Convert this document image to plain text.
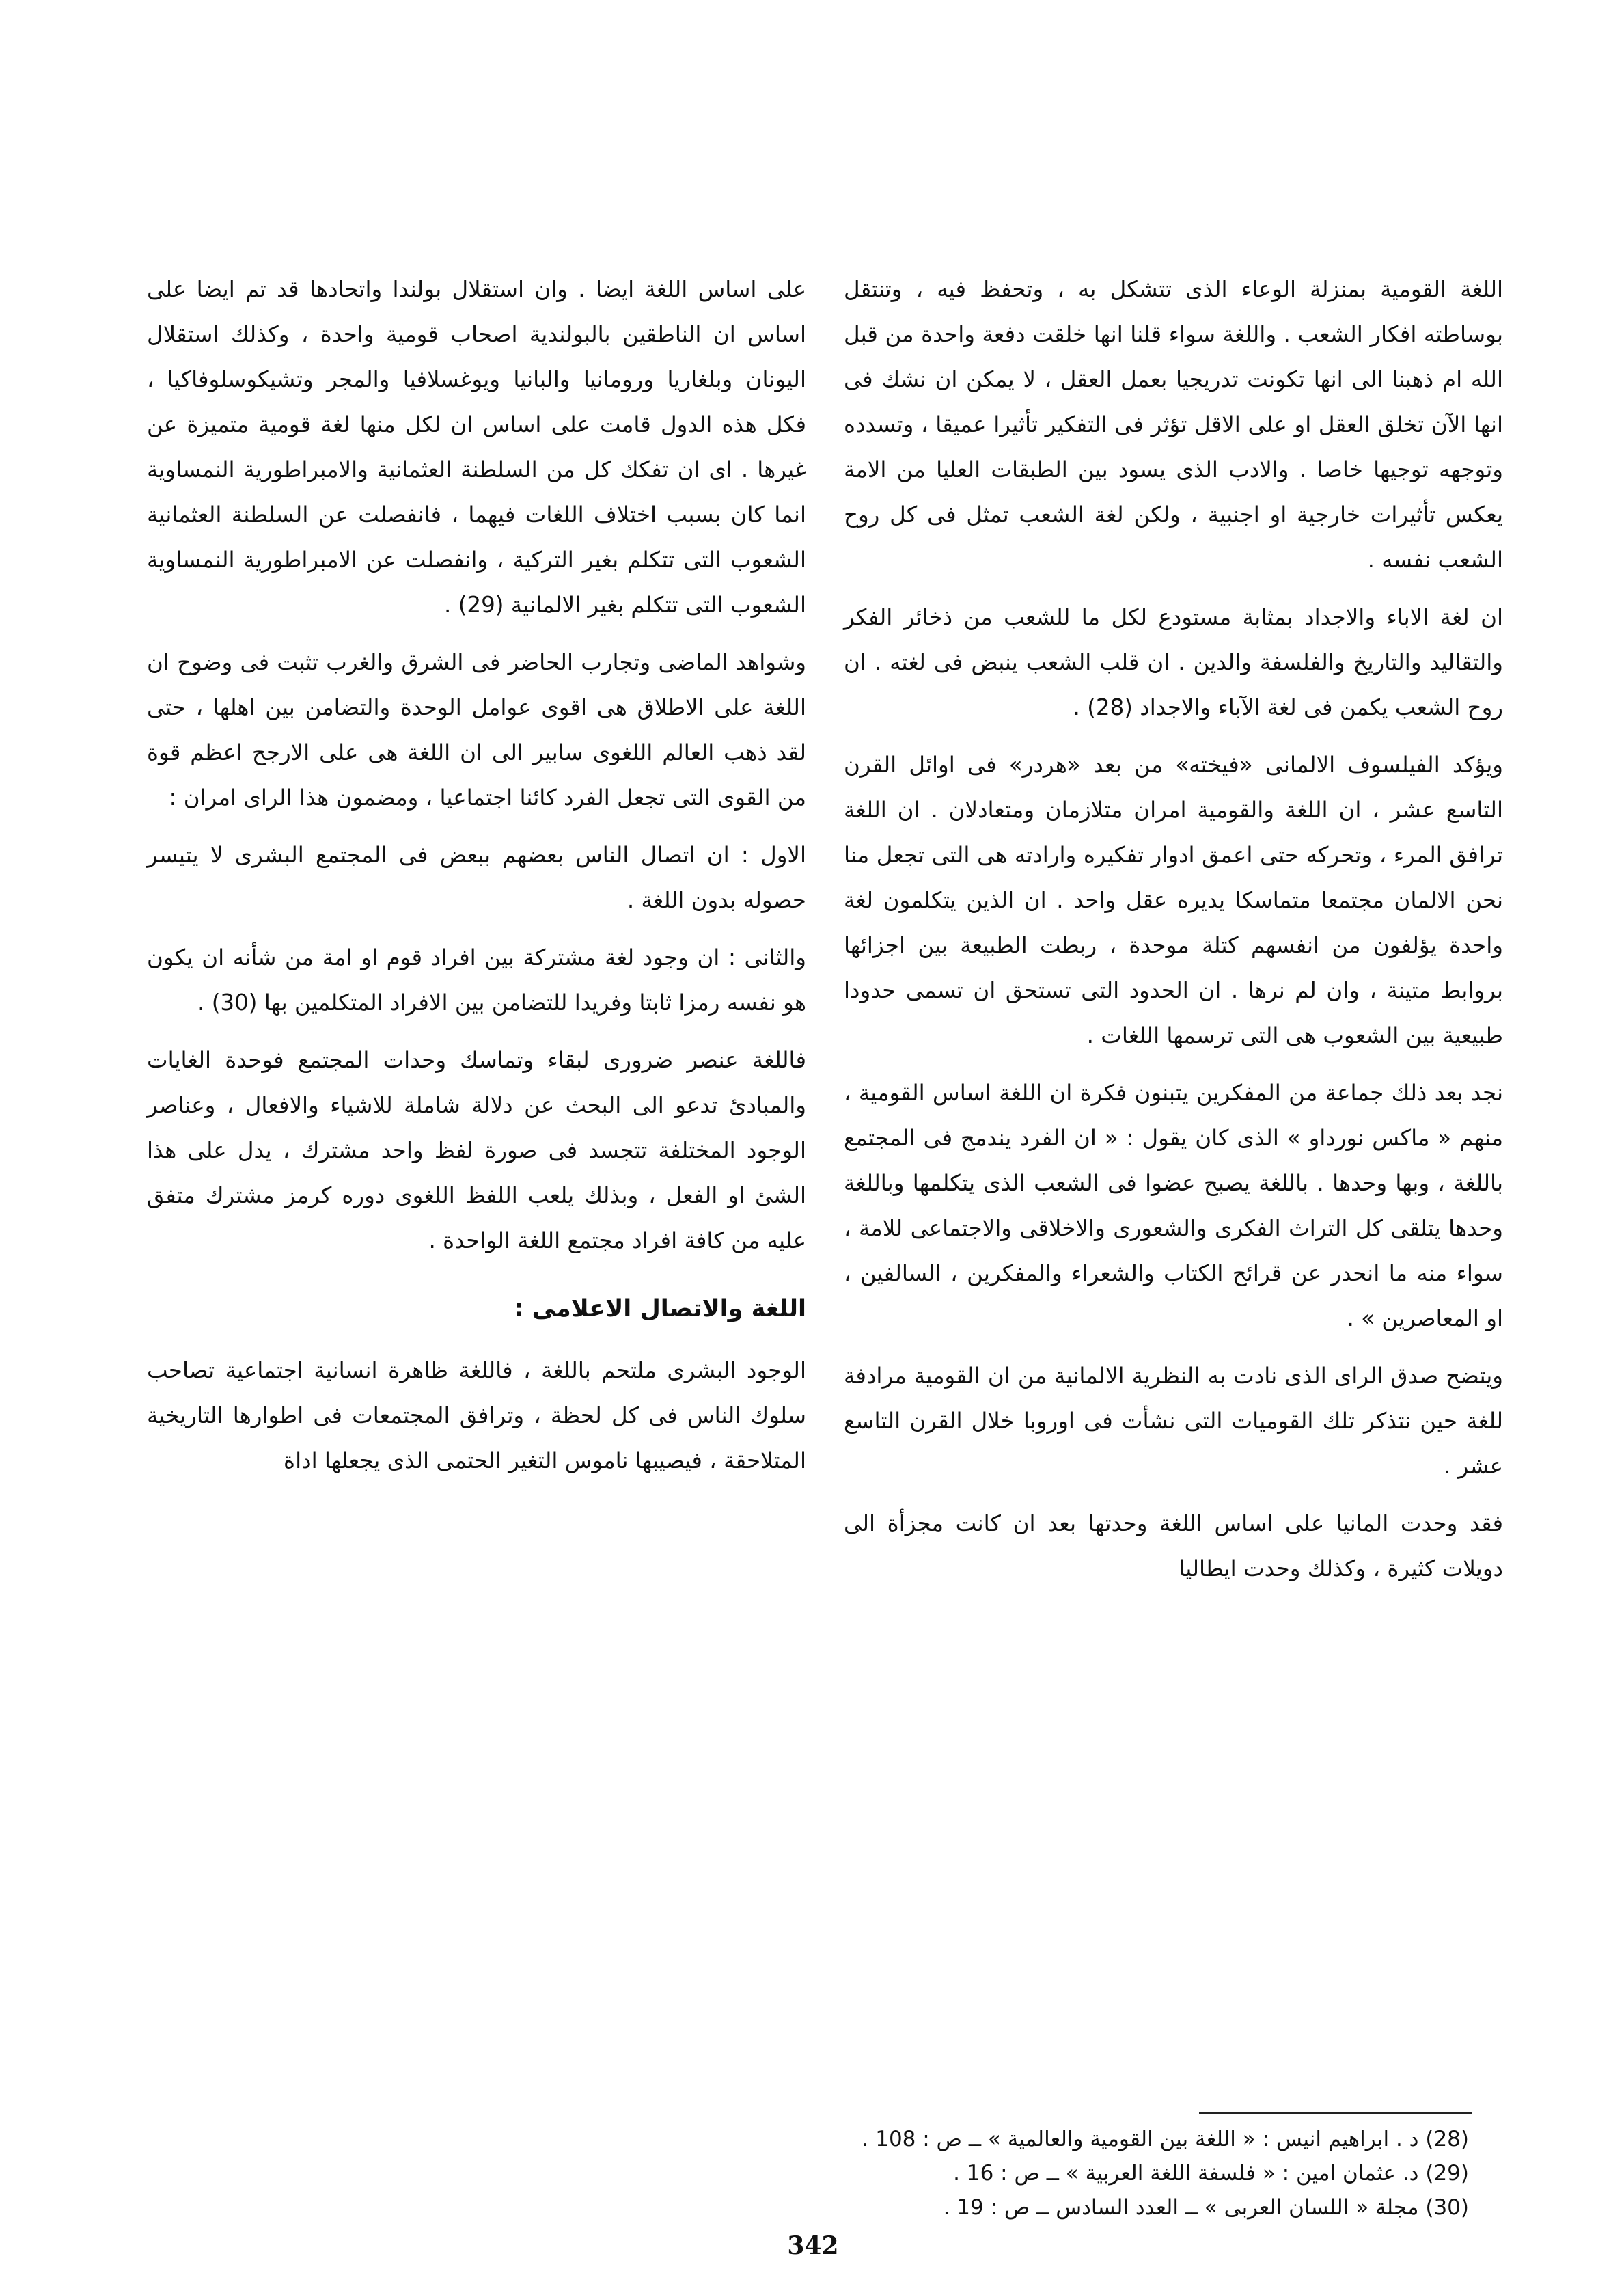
اللغة القومية بمنزلة الوعاء الذى تتشكل به ، وتحفظ فيه ، وتنتقل بوساطته افكار الشعب . واللغة سواء قلنا انها خلقت دفعة واحدة من قبل الله ام ذهبنا الى انها تكونت تدريجيا بعمل العقل ، لا يمكن ان نشك فى انها الآن تخلق العقل او على الاقل تؤثر فى التفكير تأثيرا عميقا ، وتسدده وتوجهه توجيها خاصا . والادب الذى يسود بين الطبقات العليا من الامة يعكس تأثيرات خارجية او اجنبية ، ولكن لغة الشعب تمثل فى كل روح الشعب نفسه .

ان لغة الاباء والاجداد بمثابة مستودع لكل ما للشعب من ذخائر الفكر والتقاليد والتاريخ والفلسفة والدين . ان قلب الشعب ينبض فى لغته . ان روح الشعب يكمن فى لغة الآباء والاجداد (28) .

ويؤكد الفيلسوف الالمانى «فيخته» من بعد «هردر» فى اوائل القرن التاسع عشر ، ان اللغة والقومية امران متلازمان ومتعادلان . ان اللغة ترافق المرء ، وتحركه حتى اعمق ادوار تفكيره وارادته هى التى تجعل منا نحن الالمان مجتمعا متماسكا يديره عقل واحد . ان الذين يتكلمون لغة واحدة يؤلفون من انفسهم كتلة موحدة ، ربطت الطبيعة بين اجزائها بروابط متينة ، وان لم نرها . ان الحدود التى تستحق ان تسمى حدودا طبيعية بين الشعوب هى التى ترسمها اللغات .

نجد بعد ذلك جماعة من المفكرين يتبنون فكرة ان اللغة اساس القومية ، منهم « ماكس نورداو » الذى كان يقول : « ان الفرد يندمج فى المجتمع باللغة ، وبها وحدها . باللغة يصبح عضوا فى الشعب الذى يتكلمها وباللغة وحدها يتلقى كل التراث الفكرى والشعورى والاخلاقى والاجتماعى للامة ، سواء منه ما انحدر عن قرائح الكتاب والشعراء والمفكرين ، السالفين ، او المعاصرين » .

ويتضح صدق الراى الذى نادت به النظرية الالمانية من ان القومية مرادفة للغة حين نتذكر تلك القوميات التى نشأت فى اوروبا خلال القرن التاسع عشر .

فقد وحدت المانيا على اساس اللغة وحدتها بعد ان كانت مجزأة الى دويلات كثيرة ، وكذلك وحدت ايطاليا

على اساس اللغة ايضا . وان استقلال بولندا واتحادها قد تم ايضا على اساس ان الناطقين بالبولندية اصحاب قومية واحدة ، وكذلك استقلال اليونان وبلغاريا ورومانيا والبانيا ويوغسلافيا والمجر وتشيكوسلوفاكيا ، فكل هذه الدول قامت على اساس ان لكل منها لغة قومية متميزة عن غيرها . اى ان تفكك كل من السلطنة العثمانية والامبراطورية النمساوية انما كان بسبب اختلاف اللغات فيهما ، فانفصلت عن السلطنة العثمانية الشعوب التى تتكلم بغير التركية ، وانفصلت عن الامبراطورية النمساوية الشعوب التى تتكلم بغير الالمانية (29) .

وشواهد الماضى وتجارب الحاضر فى الشرق والغرب تثبت فى وضوح ان اللغة على الاطلاق هى اقوى عوامل الوحدة والتضامن بين اهلها ، حتى لقد ذهب العالم اللغوى سابير الى ان اللغة هى على الارجح اعظم قوة من القوى التى تجعل الفرد كائنا اجتماعيا ، ومضمون هذا الراى امران :

الاول : ان اتصال الناس بعضهم ببعض فى المجتمع البشرى لا يتيسر حصوله بدون اللغة .

والثانى : ان وجود لغة مشتركة بين افراد قوم او امة من شأنه ان يكون هو نفسه رمزا ثابتا وفريدا للتضامن بين الافراد المتكلمين بها (30) .

فاللغة عنصر ضرورى لبقاء وتماسك وحدات المجتمع فوحدة الغايات والمبادئ تدعو الى البحث عن دلالة شاملة للاشياء والافعال ، وعناصر الوجود المختلفة تتجسد فى صورة لفظ واحد مشترك ، يدل على هذا الشئ او الفعل ، وبذلك يلعب اللفظ اللغوى دوره كرمز مشترك متفق عليه من كافة افراد مجتمع اللغة الواحدة .

اللغة والاتصال الاعلامى :

الوجود البشرى ملتحم باللغة ، فاللغة ظاهرة انسانية اجتماعية تصاحب سلوك الناس فى كل لحظة ، وترافق المجتمعات فى اطوارها التاريخية المتلاحقة ، فيصيبها ناموس التغير الحتمى الذى يجعلها اداة

(28) د . ابراهيم انيس : « اللغة بين القومية والعالمية » ــ ص : 108 .
(29) د. عثمان امين : « فلسفة اللغة العربية » ــ ص : 16 .
(30) مجلة « اللسان العربى » ــ العدد السادس ــ ص : 19 .
342
